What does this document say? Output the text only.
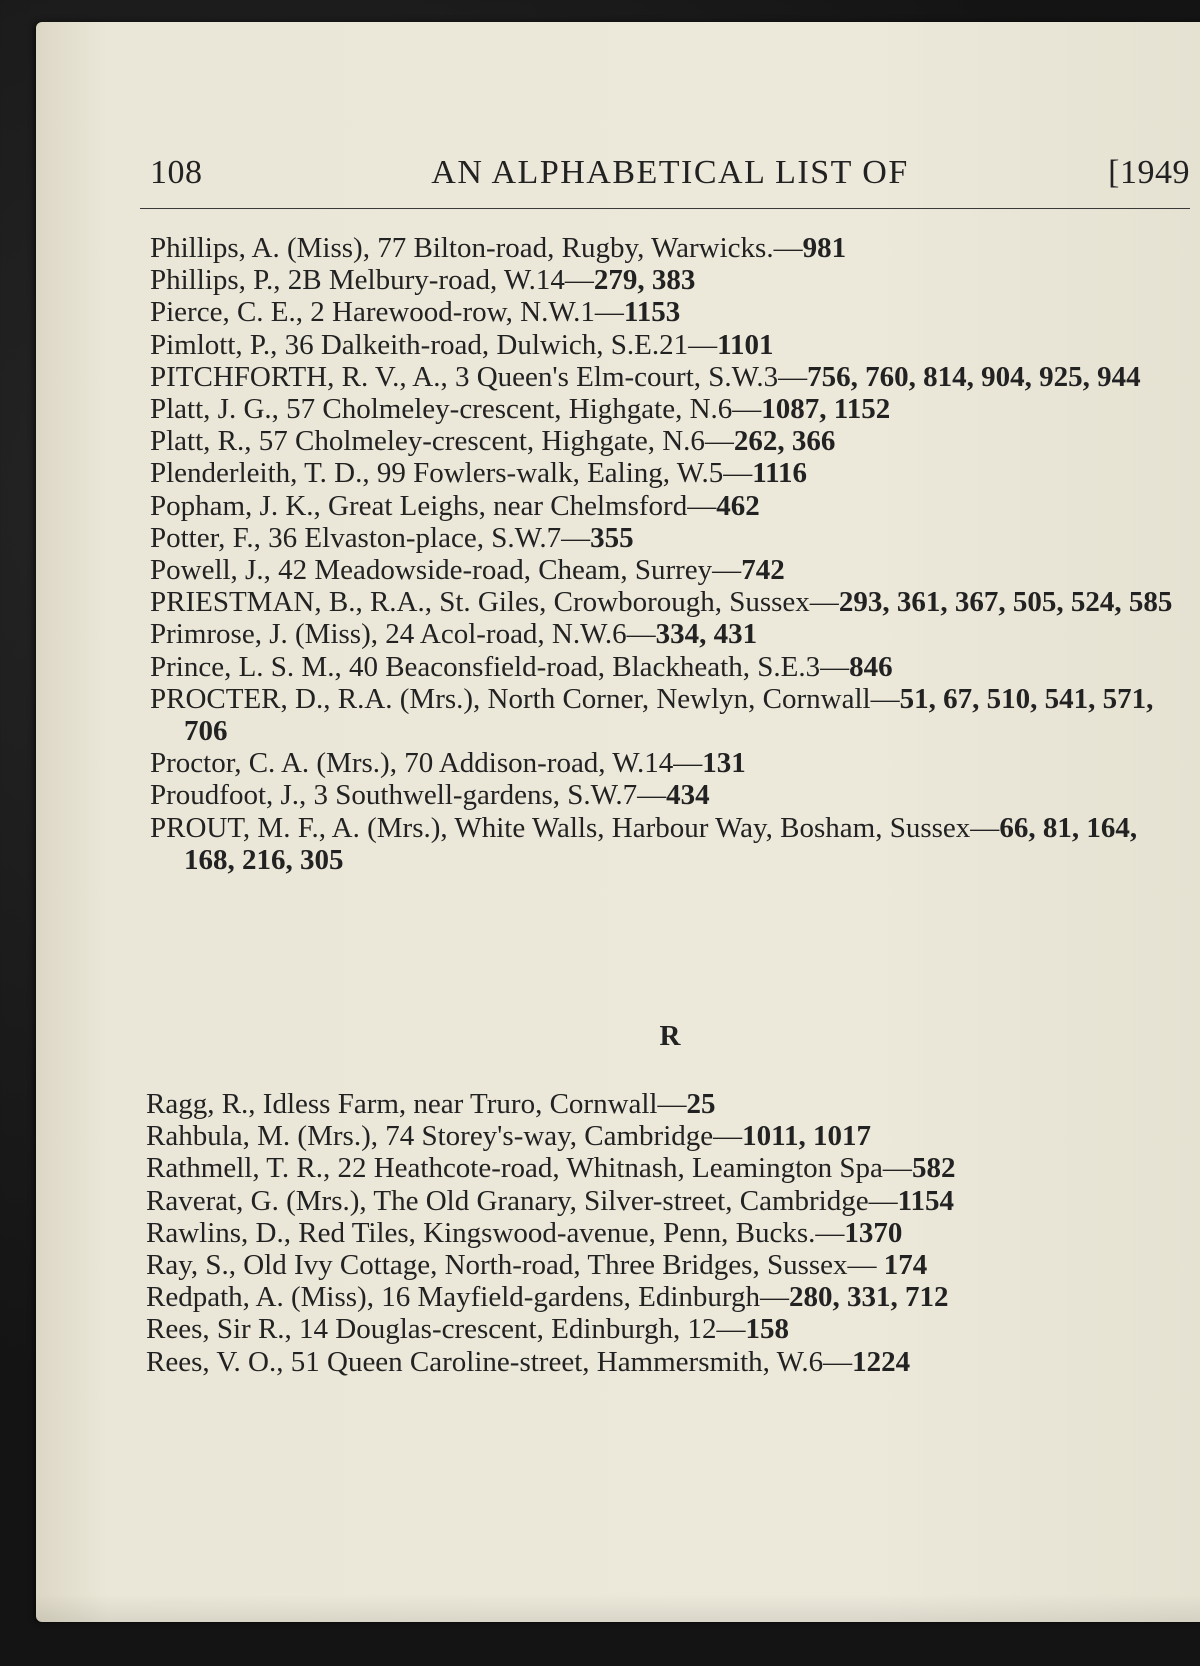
108	AN ALPHABETICAL LIST OF	[1949

Phillips, A. (Miss), 77 Bilton-road, Rugby, Warwicks.—981

Phillips, P., 2B Melbury-road, W.14—279, 383

Pierce, C. E., 2 Harewood-row, N.W.1—1153

Pimlott, P., 36 Dalkeith-road, Dulwich, S.E.21—1101

PITCHFORTH, R. V., A., 3 Queen's Elm-court, S.W.3—756, 760, 814, 904, 925, 944

Platt, J. G., 57 Cholmeley-crescent, Highgate, N.6—1087, 1152

Platt, R., 57 Cholmeley-crescent, Highgate, N.6—262, 366

Plenderleith, T. D., 99 Fowlers-walk, Ealing, W.5—1116

Popham, J. K., Great Leighs, near Chelmsford—462

Potter, F., 36 Elvaston-place, S.W.7—355

Powell, J., 42 Meadowside-road, Cheam, Surrey—742

PRIESTMAN, B., R.A., St. Giles, Crowborough, Sussex—293, 361, 367, 505, 524, 585

Primrose, J. (Miss), 24 Acol-road, N.W.6—334, 431

Prince, L. S. M., 40 Beaconsfield-road, Blackheath, S.E.3—846

PROCTER, D., R.A. (Mrs.), North Corner, Newlyn, Cornwall—51, 67, 510, 541, 571, 706

Proctor, C. A. (Mrs.), 70 Addison-road, W.14—131

Proudfoot, J., 3 Southwell-gardens, S.W.7—434

PROUT, M. F., A. (Mrs.), White Walls, Harbour Way, Bosham, Sussex—66, 81, 164, 168, 216, 305

R

Ragg, R., Idless Farm, near Truro, Cornwall—25

Rahbula, M. (Mrs.), 74 Storey's-way, Cambridge—1011, 1017

Rathmell, T. R., 22 Heathcote-road, Whitnash, Leamington Spa—582

Raverat, G. (Mrs.), The Old Granary, Silver-street, Cambridge—1154

Rawlins, D., Red Tiles, Kingswood-avenue, Penn, Bucks.—1370

Ray, S., Old Ivy Cottage, North-road, Three Bridges, Sussex— 174

Redpath, A. (Miss), 16 Mayfield-gardens, Edinburgh—280, 331, 712

Rees, Sir R., 14 Douglas-crescent, Edinburgh, 12—158

Rees, V. O., 51 Queen Caroline-street, Hammersmith, W.6—1224
